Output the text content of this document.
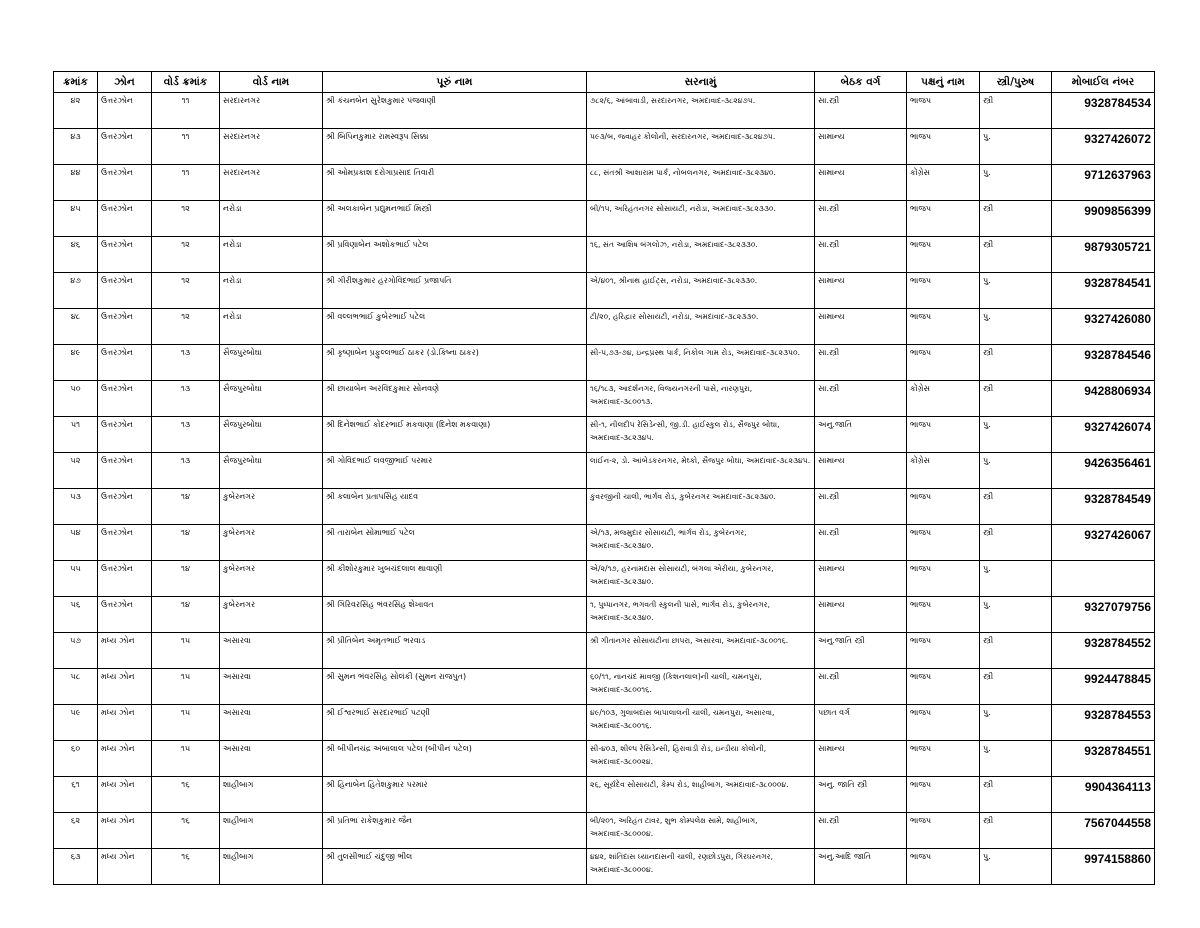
ક્રમાંક	ઝોન	વોર્ડ ક્રમાંક	વોર્ડ નામ	પૂરું નામ	સરનામું	બેઠક વર્ગ	પક્ષનું નામ	સ્ત્રી/પુરુષ	મોબાઈલ નંબર
૪૨	ઉત્તરઝોન	૧૧	સરદારનગર	શ્રી કંચનબેન સુરેશકુમાર પંજવાણી	૭૮૨/૬, આંબાવાડી, સરદારનગર, અમદાવાદ-૩૮૨૪૭૫.	સા.સ્ત્રી	ભાજપ	સ્ત્રી	9328784534
૪૩	ઉત્તરઝોન	૧૧	સરદારનગર	શ્રી બિપિનકુમાર રામસ્વરૂપ સિક્કા	૫૯૩/બ, જવાહર કોલોની, સરદારનગર, અમદાવાદ-૩૮૨૪૭૫.	સામાન્ય	ભાજપ	પુ.	9327426072
૪૪	ઉત્તરઝોન	૧૧	સરદારનગર	શ્રી ઓમપ્રકાશ દરોગાપ્રસાદ તિવારી	૮૮, સંતશ્રી આશારામ પાર્ક, નોબલનગર, અમદાવાદ-૩૮૨૩૪૦.	સામાન્ય	કોંગ્રેસ	પુ.	9712637963
૪૫	ઉત્તરઝોન	૧૨	નરોડા	શ્રી અલકાબેન પ્રદ્યુમનભાઈ મિસ્ત્રી	બી/૧૫, અરિહંતનગર સોસાયટી, નરોડા, અમદાવાદ-૩૮૨૩૩૦.	સા.સ્ત્રી	ભાજપ	સ્ત્રી	9909856399
૪૬	ઉત્તરઝોન	૧૨	નરોડા	શ્રી પ્રવિણાબેન અશોકભાઈ પટેલ	૧૬, સંત આશિષ બંગલોઝ, નરોડા, અમદાવાદ-૩૮૨૩૩૦.	સા.સ્ત્રી	ભાજપ	સ્ત્રી	9879305721
૪૭	ઉત્તરઝોન	૧૨	નરોડા	શ્રી ગીરીશકુમાર હરગોવિંદભાઈ પ્રજાપતિ	એ/૪૦૧, શ્રીનાથ હાઈટ્સ, નરોડા, અમદાવાદ-૩૮૨૩૩૦.	સામાન્ય	ભાજપ	પુ.	9328784541
૪૮	ઉત્તરઝોન	૧૨	નરોડા	શ્રી વલ્લભભાઈ કુબેરભાઈ પટેલ	ટી/૨૦, હરિદ્વાર સોસાયટી, નરોડા, અમદાવાદ-૩૮૨૩૩૦.	સામાન્ય	ભાજપ	પુ.	9327426080
૪૯	ઉત્તરઝોન	૧૩	સૈજપુરબોઘા	શ્રી કૃષ્ણાબેન પ્રફુલ્લભાઈ ઠાકર (ડો.કિષ્ના ઠાકર)	સી-૫,૭૩-૭૪, ઇન્દ્રપ્રસ્થ પાર્ક, નિકોલ ગામ રોડ, અમદાવાદ-૩૮૨૩૫૦.	સા.સ્ત્રી	ભાજપ	સ્ત્રી	9328784546
૫૦	ઉત્તરઝોન	૧૩	સૈજપુરબોઘા	શ્રી છાયાબેન અરવિંદકુમાર સોનવણે	૧૬/૧૮૩, આદર્શનગર, વિજયનગરની પાસે, નારણપુરા, અમદાવાદ-૩૮૦૦૧૩.	સા.સ્ત્રી	કોંગ્રેસ	સ્ત્રી	9428806934
૫૧	ઉત્તરઝોન	૧૩	સૈજપુરબોઘા	શ્રી દિનેશભાઈ કોદરભાઈ મકવાણા (દિનેશ મકવાણા)	સી-૧, નીલદીપ રેસિડેન્સી, જી.ડી. હાઈસ્કુલ રોડ, સૈજપુર બોઘા, અમદાવાદ-૩૮૨૩૪૫.	અનુ.જાતિ	ભાજપ	પુ.	9327426074
૫૨	ઉત્તરઝોન	૧૩	સૈજપુરબોઘા	શ્રી ગોવિંદભાઈ લવજીભાઈ પરમાર	લાઈન-૨, ડો. આંબેડકરનગર, મેઘ્કો, સૈજપુર બોઘા, અમદાવાદ-૩૮૨૩૪૫.	સામાન્ય	કોંગ્રેસ	પુ.	9426356461
૫૩	ઉત્તરઝોન	૧૪	કુબેરનગર	શ્રી કલાબેન પ્રતાપસિંહ યાદવ	કુંવરજીની ચાલી, ભાર્ગવ રોડ, કુબેરનગર અમદાવાદ-૩૮૨૩૪૦.	સા.સ્ત્રી	ભાજપ	સ્ત્રી	9328784549
૫૪	ઉત્તરઝોન	૧૪	કુબેરનગર	શ્રી તારાબેન સોમાભાઈ પટેલ	એ/૧૩, મજમુદાર સોસાયટી, ભાર્ગવ રોડ, કુબેરનગર, અમદાવાદ-૩૮૨૩૪૦.	સા.સ્ત્રી	ભાજપ	સ્ત્રી	9327426067
૫૫	ઉત્તરઝોન	૧૪	કુબેરનગર	શ્રી કીશોરકુમાર ખુબચંદલાલ થાવાણી	એ/૨/૧૭, હરનામદાસ સોસાયટી, બંગલા એરીયા, કુબેરનગર, અમદાવાદ-૩૮૨૩૪૦.	સામાન્ય	ભાજપ	પુ.	
૫૬	ઉત્તરઝોન	૧૪	કુબેરનગર	શ્રી ગિરિવરસિંહ ભંવરસિંહ શેખાવત	૧, પુષ્પાનગર, ભગવતી સ્કુલની પાસે, ભાર્ગવ રોડ, કુબેરનગર, અમદાવાદ-૩૮૨૩૪૦.	સામાન્ય	ભાજપ	પુ.	9327079756
૫૭	મધ્ય ઝોન	૧૫	અસારવા	શ્રી પ્રીતિબેન અમૃતભાઈ ભરવાડ	શ્રી ગીતાનગર સોસાયટીના છાપરા, અસારવા, અમદાવાદ-૩૮૦૦૧૬.	અનુ.જાતિ સ્ત્રી	ભાજપ	સ્ત્રી	9328784552
૫૮	મધ્ય ઝોન	૧૫	અસારવા	શ્રી સુમન ભંવરસિંહ સોલંકી (સુમન રાજપુત)	૬૦/૧૧, નાનચંદ માવજી (કિશનલાલ)ની ચાલી, ચમનપુરા, અમદાવાદ-૩૮૦૦૧૬.	સા.સ્ત્રી	ભાજપ	સ્ત્રી	9924478845
૫૯	મધ્ય ઝોન	૧૫	અસારવા	શ્રી ઈશ્વરભાઈ સરદારભાઈ પટણી	૪૯/૧૦૩, ગુલાબદાસ બાપાલાલની ચાલી, ચમનપુરા, અસારવા, અમદાવાદ-૩૮૦૦૧૬.	પછાત વર્ગ	ભાજપ	પુ.	9328784553
૬૦	મધ્ય ઝોન	૧૫	અસારવા	શ્રી બીપીનચંદ્ર અંબાલાલ પટેલ (બીપીન પટેલ)	સી-૪૦૩, શીલ્પ રેસિડેન્સી, હિરાવાડી રોડ, ઇન્ડીયા કોલોની, અમદાવાદ-૩૮૦૦૨૪.	સામાન્ય	ભાજપ	પુ.	9328784551
૬૧	મધ્ય ઝોન	૧૬	શાહીબાગ	શ્રી હિનાબેન હિતેશકુમાર પરમાર	૨૬, સૂર્યદેવ સોસાયટી, કેમ્પ રોડ, શાહીબાગ, અમદાવાદ-૩૮૦૦૦૪.	અનુ. જાતિ સ્ત્રી	ભાજપ	સ્ત્રી	9904364113
૬૨	મધ્ય ઝોન	૧૬	શાહીબાગ	શ્રી પ્રતિભા રાકેશકુમાર જૈન	બી/૨૦૧, અરિહંત ટાવર, શુભ કોમ્પલેક્ષ સામે, શાહીબાગ, અમદાવાદ-૩૮૦૦૦૪.	સા.સ્ત્રી	ભાજપ	સ્ત્રી	7567044558
૬૩	મધ્ય ઝોન	૧૬	શાહીબાગ	શ્રી તુલસીભાઈ ચંદુજી ભીલ	૪૪૨, શાંતિદાસ ધ્યાનદાસની ચાલી, રણછોડપુરા, ગિરધરનગર, અમદાવાદ-૩૮૦૦૦૪.	અનુ.આદિ જાતિ	ભાજપ	પુ.	9974158860
